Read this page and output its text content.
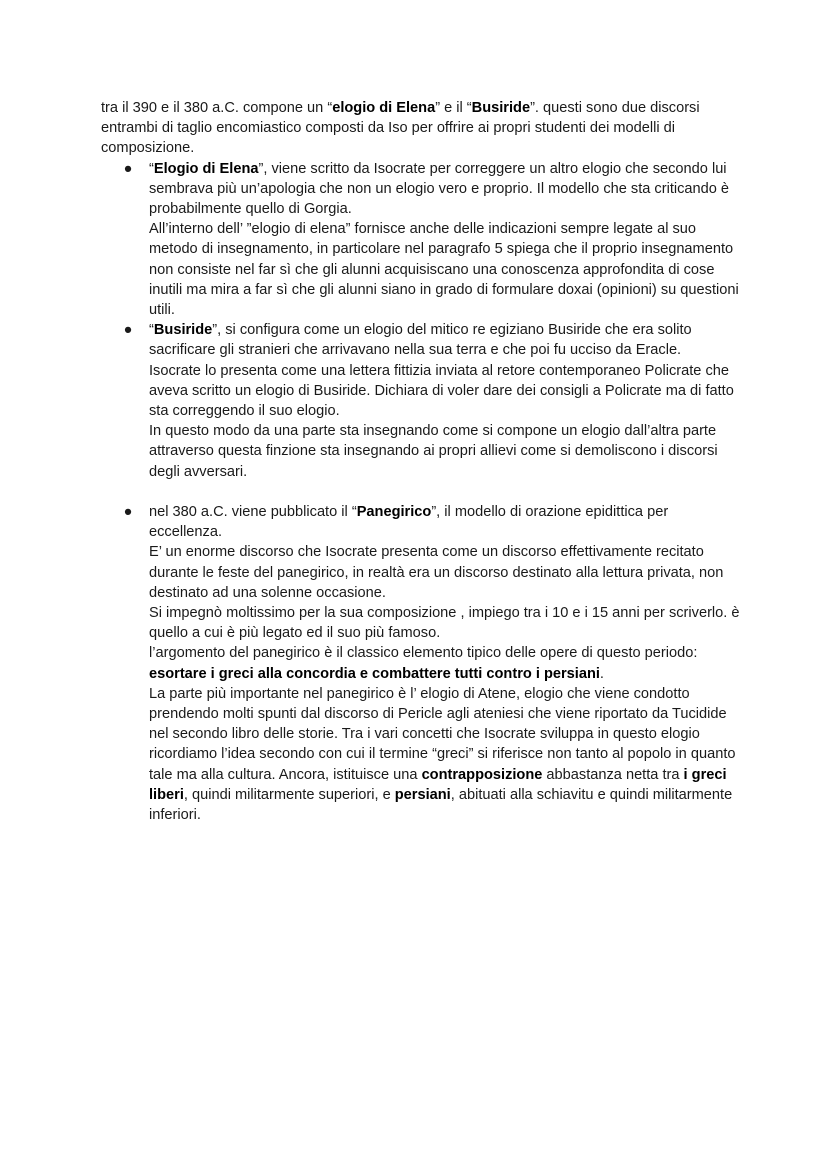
tra il 390 e il 380 a.C. compone un “elogio di Elena” e il “Busiride”. questi sono due discorsi entrambi di taglio encomiastico composti da Iso per offrire ai propri studenti dei modelli di composizione.

● “Elogio di Elena”, viene scritto da Isocrate per correggere un altro elogio che secondo lui sembrava più un’apologia che non un elogio vero e proprio. Il modello che sta criticando è probabilmente quello di Gorgia.

All’interno dell’ ”elogio di elena” fornisce anche delle indicazioni sempre legate al suo metodo di insegnamento, in particolare nel paragrafo 5 spiega che il proprio insegnamento non consiste nel far sì che gli alunni acquisiscano una conoscenza approfondita di cose inutili ma mira a far sì che gli alunni siano in grado di formulare doxai (opinioni) su questioni utili.

● “Busiride”, si configura come un elogio del mitico re egiziano Busiride che era solito sacrificare gli stranieri che arrivavano nella sua terra e che poi fu ucciso da Eracle.

Isocrate lo presenta come una lettera fittizia inviata al retore contemporaneo Policrate che aveva scritto un elogio di Busiride. Dichiara di voler dare dei consigli a Policrate ma di fatto sta correggendo il suo elogio.

In questo modo da una parte sta insegnando come si compone un elogio dall’altra parte attraverso questa finzione sta insegnando ai propri allievi come si demoliscono i discorsi degli avversari.

● nel 380 a.C. viene pubblicato il “Panegirico”, il modello di orazione epidittica per eccellenza.

E’ un enorme discorso che Isocrate presenta come un discorso effettivamente recitato durante le feste del panegirico, in realtà era un discorso destinato alla lettura privata, non destinato ad una solenne occasione.

Si impegnò moltissimo per la sua composizione , impiego tra i 10 e i 15 anni per scriverlo. è quello a cui è più legato ed il suo più famoso.

l’argomento del panegirico è il classico elemento tipico delle opere di questo periodo:

esortare i greci alla concordia e combattere tutti contro i persiani.

La parte più importante nel panegirico è l’ elogio di Atene, elogio che viene condotto prendendo molti spunti dal discorso di Pericle agli ateniesi che viene riportato da Tucidide nel secondo libro delle storie. Tra i vari concetti che Isocrate sviluppa in questo elogio ricordiamo l’idea secondo con cui il termine “greci” si riferisce non tanto al popolo in quanto tale ma alla cultura. Ancora, istituisce una contrapposizione abbastanza netta tra i greci liberi, quindi militarmente superiori, e persiani, abituati alla schiavitu e quindi militarmente inferiori.
